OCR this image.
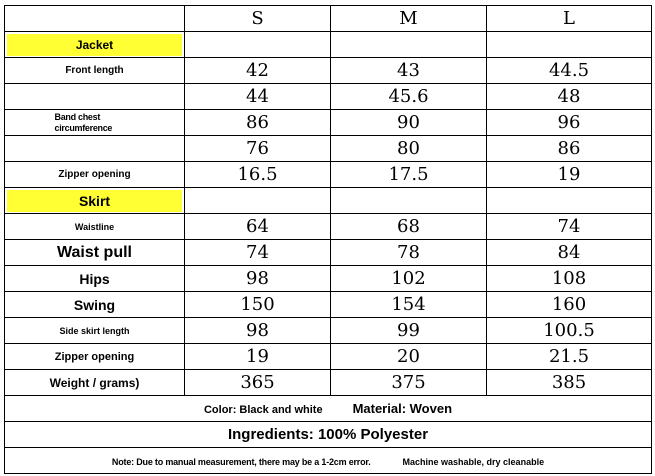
	S	M	L

Jacket			

Front length	42	43	44.5
	44	45.6	48

Band chest circumference	86	90	96
	76	80	86
Zipper opening	16.5	17.5	19

Skirt			

Waistline	64	68	74
Waist pull	74	78	84
Hips	98	102	108
Swing	150	154	160
Side skirt length	98	99	100.5
Zipper opening	19	20	21.5
Weight / grams)	365	375	385
Color: Black and white Material: Woven			
Ingredients: 100% Polyester			
Note: Due to manual measurement, there may be a 1-2cm error. Machine washable, dry cleanable			
